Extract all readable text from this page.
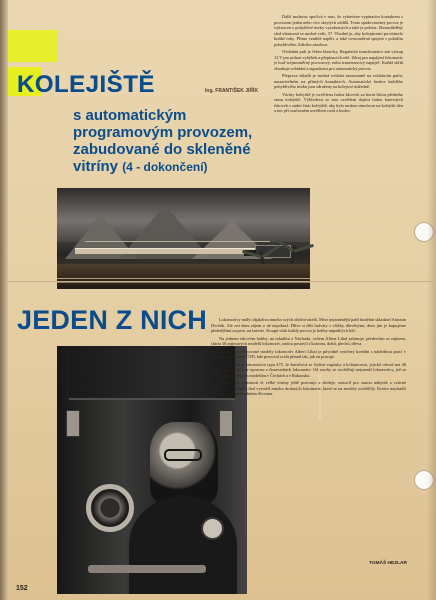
KOLEJIŠTĚ	Ing. FRANTIŠEK JIŘÍK
s automatickým programovým provozem, zabudované do skleněné vitríny (4 - dokončení)

Další možnost spočívá v tom, že vybavíme vypínacím kontaktem s provozem jeden nebo více skrytých oddílů. Tento spádovnoemý provoz je vyknocen o pohyblivé úseky vyzobraných a také je poloha. Zhromážděný sled vlastností se možné volit, 37. Vhodné je, aby kolejnicemi procházelo krátké toky. Přímo vzniklé napětí, a také rovnoměrná spojení s pořadím pohyblivého, řídícího zásobou.

Ovládání pult je řešen klasicky. Regulační transformátor má výstup 12 V pro pohon vyhýbek a přepínacích relé. Zdroj pro napájení lokomotiv je buď stejnosměrný provozový, nebo tranzistorový napáječ. Každá skříň obsahuje ovládání a signalizaci pro automatický provoz.

Přeprava skladů je možná ovládat samostatně na ovládacím pultu, nastavitelném na přímých kontaktech. Automatické funkce každého pohyblivého úseku jsou sdruženy na kolejové ústředně.

Vitríny kolejiště je osvětlena řadou žárovek za horní lištou předního rámu kolejiště. Výhledová se tato osvětlení doplní řadou barevných žárovek v zadní části kolejiště, aby bylo možno simulovat na kolejišti den a noc při současném osvětlení vozů a budov.

Obrázek: kostelík kolejiště
JEDEN Z NICH	Lokomotivy málý odjakživa mnoho svých obdivovatelů. Mezi nejznámější patří hudební skladatel Antonín Dvořák. Ale zní dnes zájem o ně nepohasl. Dříve si děti hrávaly s vláčky dřevěnými, dnes jim je kupujeme plněnějšími na pero, na baterie. Koupit však každý provoz je hobby nápaditých lidí.

Na jednom takovém hobby, na mladiku z Náchoda, ovšem Albert Libal zahrnuje, především se zájmem, sbírat 30 zajímavých modelů lokomotiv, oudou postavil z kartonu, drátů, plechů, dřeva.

Ohnuté a rozvrhované modely lokomotiv Albert Libal je původně vyučený koedím s následnou prací v lokomotivním depu ČSD, kde pracoval zcela přesně tak, jak on pracuje.

To poslední je lokomotiva typu 475. Je šumičová se čtyřmi vagónky a kolejnicemi, jejichž obvod má 40 metrů. Konstrukce je opravou z dosavadních lokomotiv. Od stavby se osvědčují nejmenší lokomotivy, jež se podobají jednotlivým modelům v Čechách a v Rakousku.

Protože při vlastnosti té velké vitríny ještě pozoruje a sledeje, sestavil pro starou nábytek a vzácné lokomotivy. Albert Libal vytvořil mnoho drobných lokomotiv, které se na modely osvědčily. Krátce nejdražší lokomotiva v náchodském Slovanu.

TOMÁŠ HEZLAR
152
